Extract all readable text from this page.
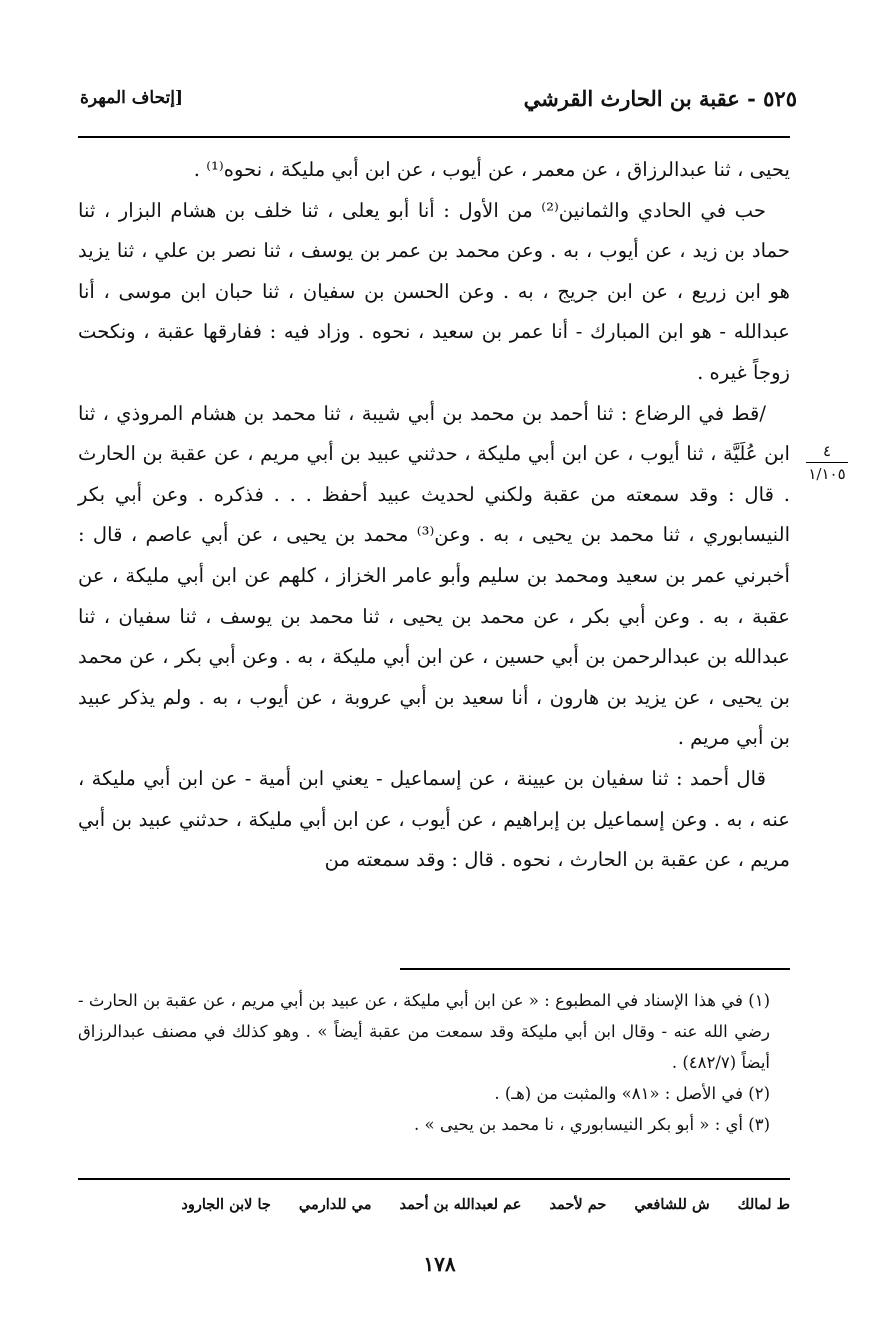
٥٢٥ - عقبة بن الحارث القرشي
[إتحاف المهرة

يحيى ، ثنا عبدالرزاق ، عن معمر ، عن أيوب ، عن ابن أبي مليكة ، نحوه⁽¹⁾ .

حب في الحادي والثمانين⁽²⁾ من الأول : أنا أبو يعلى ، ثنا خلف بن هشام البزار ، ثنا حماد بن زيد ، عن أيوب ، به . وعن محمد بن عمر بن يوسف ، ثنا نصر بن علي ، ثنا يزيد هو ابن زريع ، عن ابن جريج ، به . وعن الحسن بن سفيان ، ثنا حبان ابن موسى ، أنا عبدالله - هو ابن المبارك - أنا عمر بن سعيد ، نحوه . وزاد فيه : ففارقها عقبة ، ونكحت زوجاً غيره .

/قط في الرضاع : ثنا أحمد بن محمد بن أبي شيبة ، ثنا محمد بن هشام المروذي ، ثنا ابن عُلَيَّة ، ثنا أيوب ، عن ابن أبي مليكة ، حدثني عبيد بن أبي مريم ، عن عقبة بن الحارث . قال : وقد سمعته من عقبة ولكني لحديث عبيد أحفظ . . . فذكره . وعن أبي بكر النيسابوري ، ثنا محمد بن يحيى ، به . وعن⁽³⁾ محمد بن يحيى ، عن أبي عاصم ، قال : أخبرني عمر بن سعيد ومحمد بن سليم وأبو عامر الخزاز ، كلهم عن ابن أبي مليكة ، عن عقبة ، به . وعن أبي بكر ، عن محمد بن يحيى ، ثنا محمد بن يوسف ، ثنا سفيان ، ثنا عبدالله بن عبدالرحمن بن أبي حسين ، عن ابن أبي مليكة ، به . وعن أبي بكر ، عن محمد بن يحيى ، عن يزيد بن هارون ، أنا سعيد بن أبي عروبة ، عن أيوب ، به . ولم يذكر عبيد بن أبي مريم .

قال أحمد : ثنا سفيان بن عيينة ، عن إسماعيل - يعني ابن أمية - عن ابن أبي مليكة ، عنه ، به . وعن إسماعيل بن إبراهيم ، عن أيوب ، عن ابن أبي مليكة ، حدثني عبيد بن أبي مريم ، عن عقبة بن الحارث ، نحوه . قال : وقد سمعته من

٤
١/١٠٥

(١) في هذا الإسناد في المطبوع : « عن ابن أبي مليكة ، عن عبيد بن أبي مريم ، عن عقبة بن الحارث - رضي الله عنه - وقال ابن أبي مليكة وقد سمعت من عقبة أيضاً » . وهو كذلك في مصنف عبدالرزاق أيضاً (٤٨٢/٧) .

(٢) في الأصل : «٨١» والمثبت من (هـ) .

(٣) أي : « أبو بكر النيسابوري ، نا محمد بن يحيى » .

ط لمالك
ش للشافعي
حم لأحمد
عم لعبدالله بن أحمد
مي للدارمي
جا لابن الجارود
١٧٨
